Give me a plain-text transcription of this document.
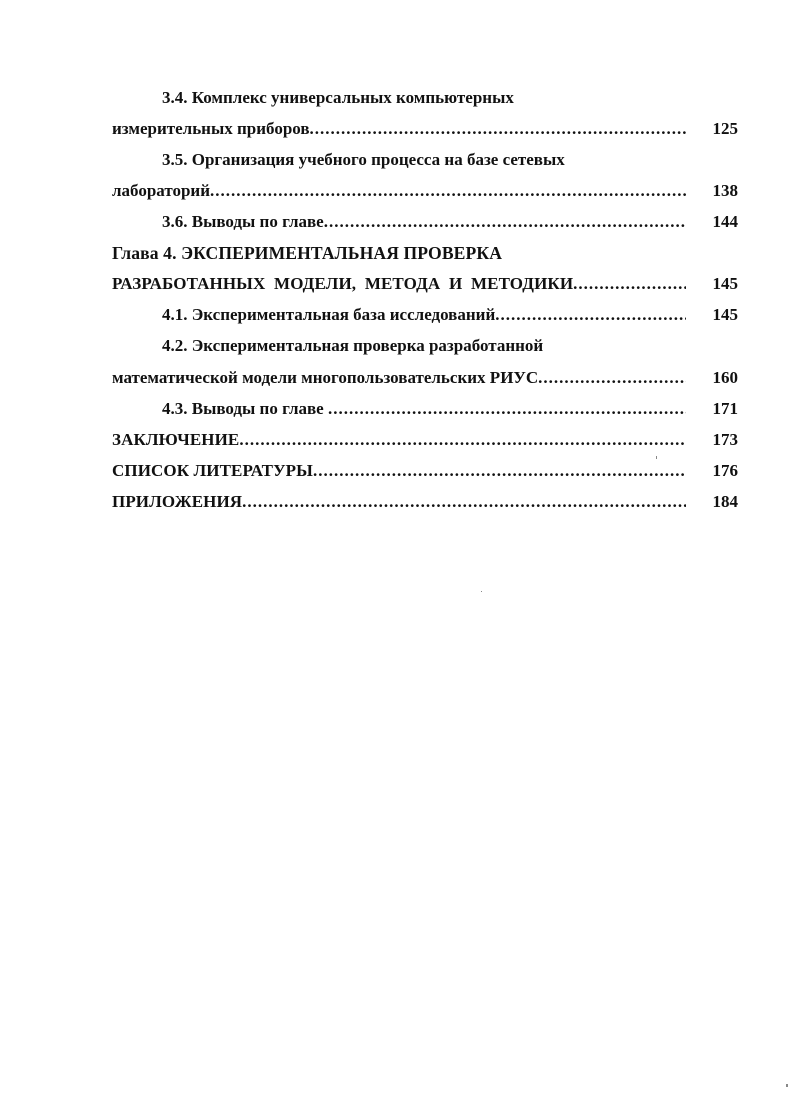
3.4. Комплекс универсальных компьютерных
измерительных приборов .....	125
3.5. Организация учебного процесса на базе сетевых
лабораторий .....	138
3.6. Выводы по главе .....	144
Глава 4. ЭКСПЕРИМЕНТАЛЬНАЯ ПРОВЕРКА
РАЗРАБОТАННЫХ  МОДЕЛИ,  МЕТОДА  И  МЕТОДИКИ .....	145
4.1. Экспериментальная база исследований .....	145
4.2. Экспериментальная проверка разработанной
математической модели многопользовательских РИУС .....	160
4.3. Выводы по главе .....	171
ЗАКЛЮЧЕНИЕ .....	173
СПИСОК ЛИТЕРАТУРЫ .....	176
ПРИЛОЖЕНИЯ .....	184
